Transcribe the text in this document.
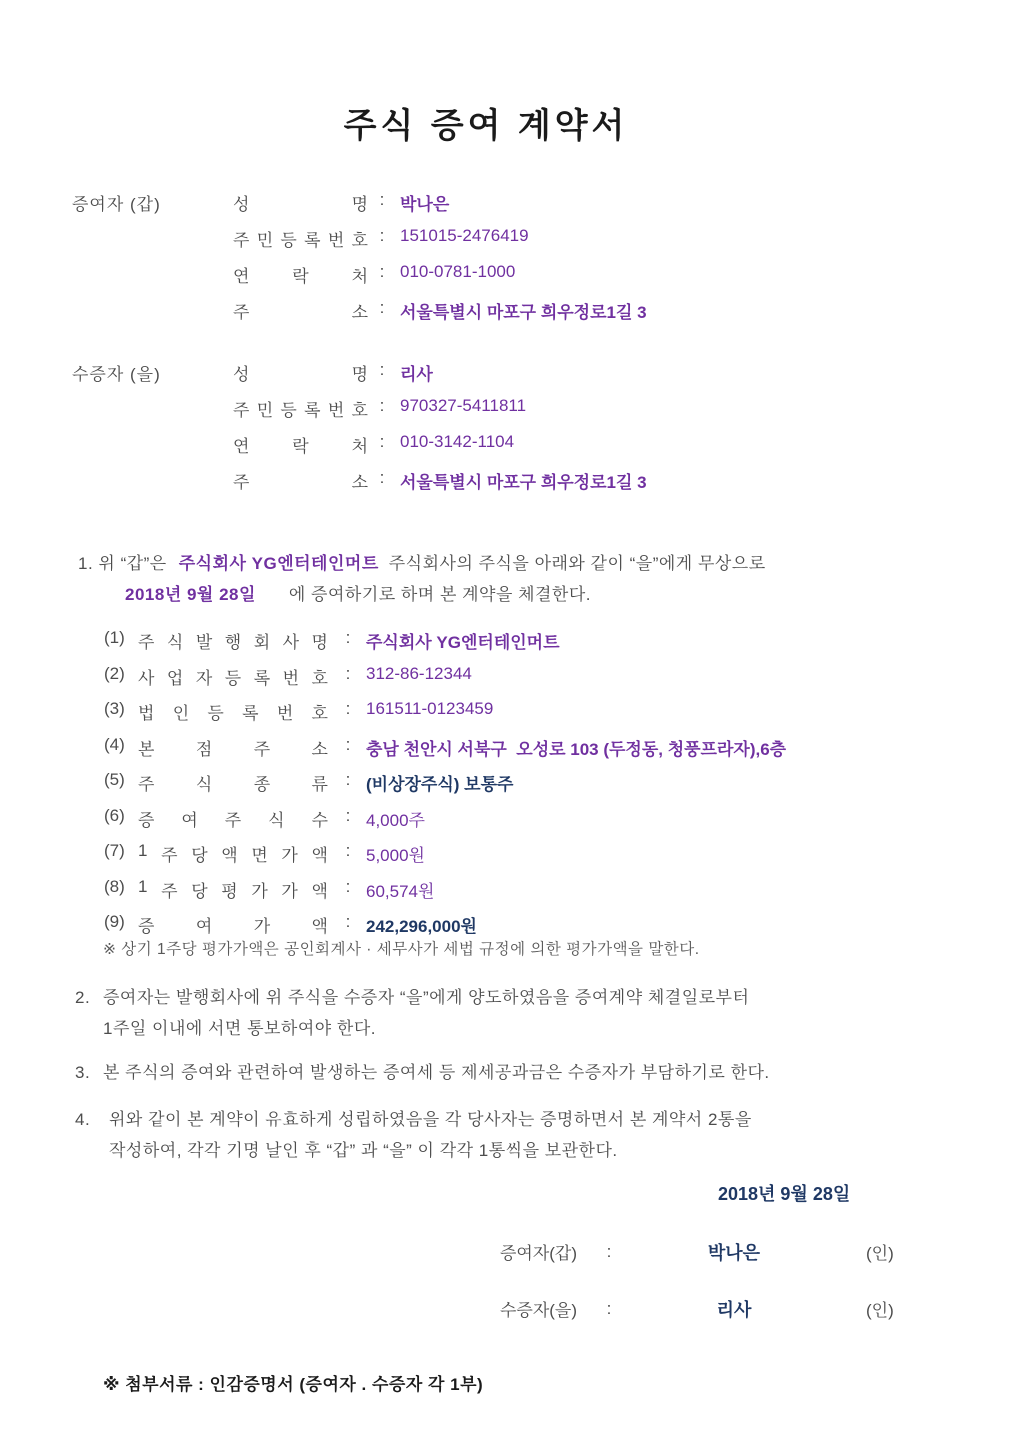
주식 증여 계약서
증여자 (갑)	성	명 : 박나은
주 민 등 록 번 호 : 151015-2476419
연	락	처 : 010-0781-1000
주	소 : 서울특별시 마포구 희우정로1길 3
수증자 (을)	성	명 : 리사
주 민 등 록 번 호 : 970327-5411811
연	락	처 : 010-3142-1104
주	소 : 서울특별시 마포구 희우정로1길 3
1. 위 “갑”은 주식회사 YG엔터테인머트 주식회사의 주식을 아래와 같이 “을”에게 무상으로
2018년 9월 28일 에 증여하기로 하며 본 계약을 체결한다.
(1) 주 식 발 행 회 사 명 : 주식회사 YG엔터테인머트
(2) 사 업 자 등 록 번 호 : 312-86-12344
(3) 법 인 등 록 번 호 : 161511-0123459
(4) 본 점 주 소 : 충남 천안시 서북구  오성로 103 (두정동, 청풍프라자),6층
(5) 주 식 종 류 : (비상장주식) 보통주
(6) 증 여 주 식 수 : 4,000주
(7) 1 주 당 액 면 가 액 : 5,000원
(8) 1 주 당 평 가 가 액 : 60,574원
(9) 증 여 가 액 : 242,296,000원
※ 상기 1주당 평가가액은 공인회계사 · 세무사가 세법 규정에 의한 평가가액을 말한다.
2. 증여자는 발행회사에 위 주식을 수증자 “을”에게 양도하였음을 증여계약 체결일로부터
1주일 이내에 서면 통보하여야 한다.
3. 본 주식의 증여와 관련하여 발생하는 증여세 등 제세공과금은 수증자가 부담하기로 한다.
4.	위와 같이 본 계약이 유효하게 성립하였음을 각 당사자는 증명하면서 본 계약서 2통을
작성하여, 각각 기명 날인 후 “갑” 과 “을” 이 각각 1통씩을 보관한다.
2018년 9월 28일
증여자(갑)	:	박나은	(인)
수증자(을)	:	리사	(인)
※ 첨부서류 : 인감증명서 (증여자 . 수증자 각 1부)
